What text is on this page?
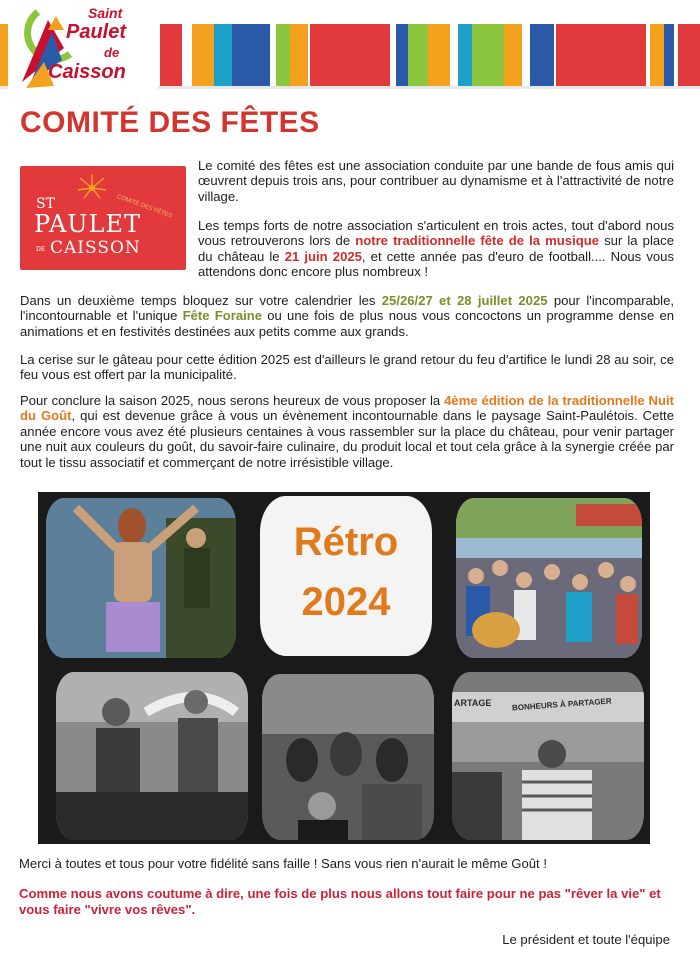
Saint
Paulet
de
Caisson
COMITÉ DES FÊTES
ST
PAULET
DE CAISSON
COMITÉ DES FÊTES

Le comité des fêtes est une association conduite par une bande de fous amis qui œuvrent depuis trois ans, pour contribuer au dynamisme et à l'attractivité de notre village.

Les temps forts de notre association s'articulent en trois actes, tout d'abord nous vous retrouverons lors de notre traditionnelle fête de la musique sur la place du château le 21 juin 2025, et cette année pas d'euro de football.... Nous vous attendons donc encore plus nombreux !

Dans un deuxième temps bloquez sur votre calendrier les 25/26/27 et 28 juillet 2025 pour l'incomparable, l'incontournable et l'unique Fête Foraine ou une fois de plus nous vous concoctons un programme dense en animations et en festivités destinées aux petits comme aux grands.

La cerise sur le gâteau pour cette édition 2025 est d'ailleurs le grand retour du feu d'artifice le lundi 28 au soir, ce feu vous est offert par la municipalité.

Pour conclure la saison 2025, nous serons heureux de vous proposer la 4ème édition de la traditionnelle Nuit du Goût, qui est devenue grâce à vous un évènement incontournable dans le paysage Saint-Paulétois. Cette année encore vous avez été plusieurs centaines à vous rassembler sur la place du château, pour venir partager une nuit aux couleurs du goût, du savoir-faire culinaire, du produit local et tout cela grâce à la synergie créée par tout le tissu associatif et commerçant de notre irrésistible village.

Rétro
2024
ARTAGE	BONHEURS À PARTAGER

Merci à toutes et tous pour votre fidélité sans faille ! Sans vous rien n'aurait le même Goût !

Comme nous avons coutume à dire, une fois de plus nous allons tout faire pour ne pas "rêver la vie" et vous faire "vivre vos rêves".

Le président et toute l'équipe
